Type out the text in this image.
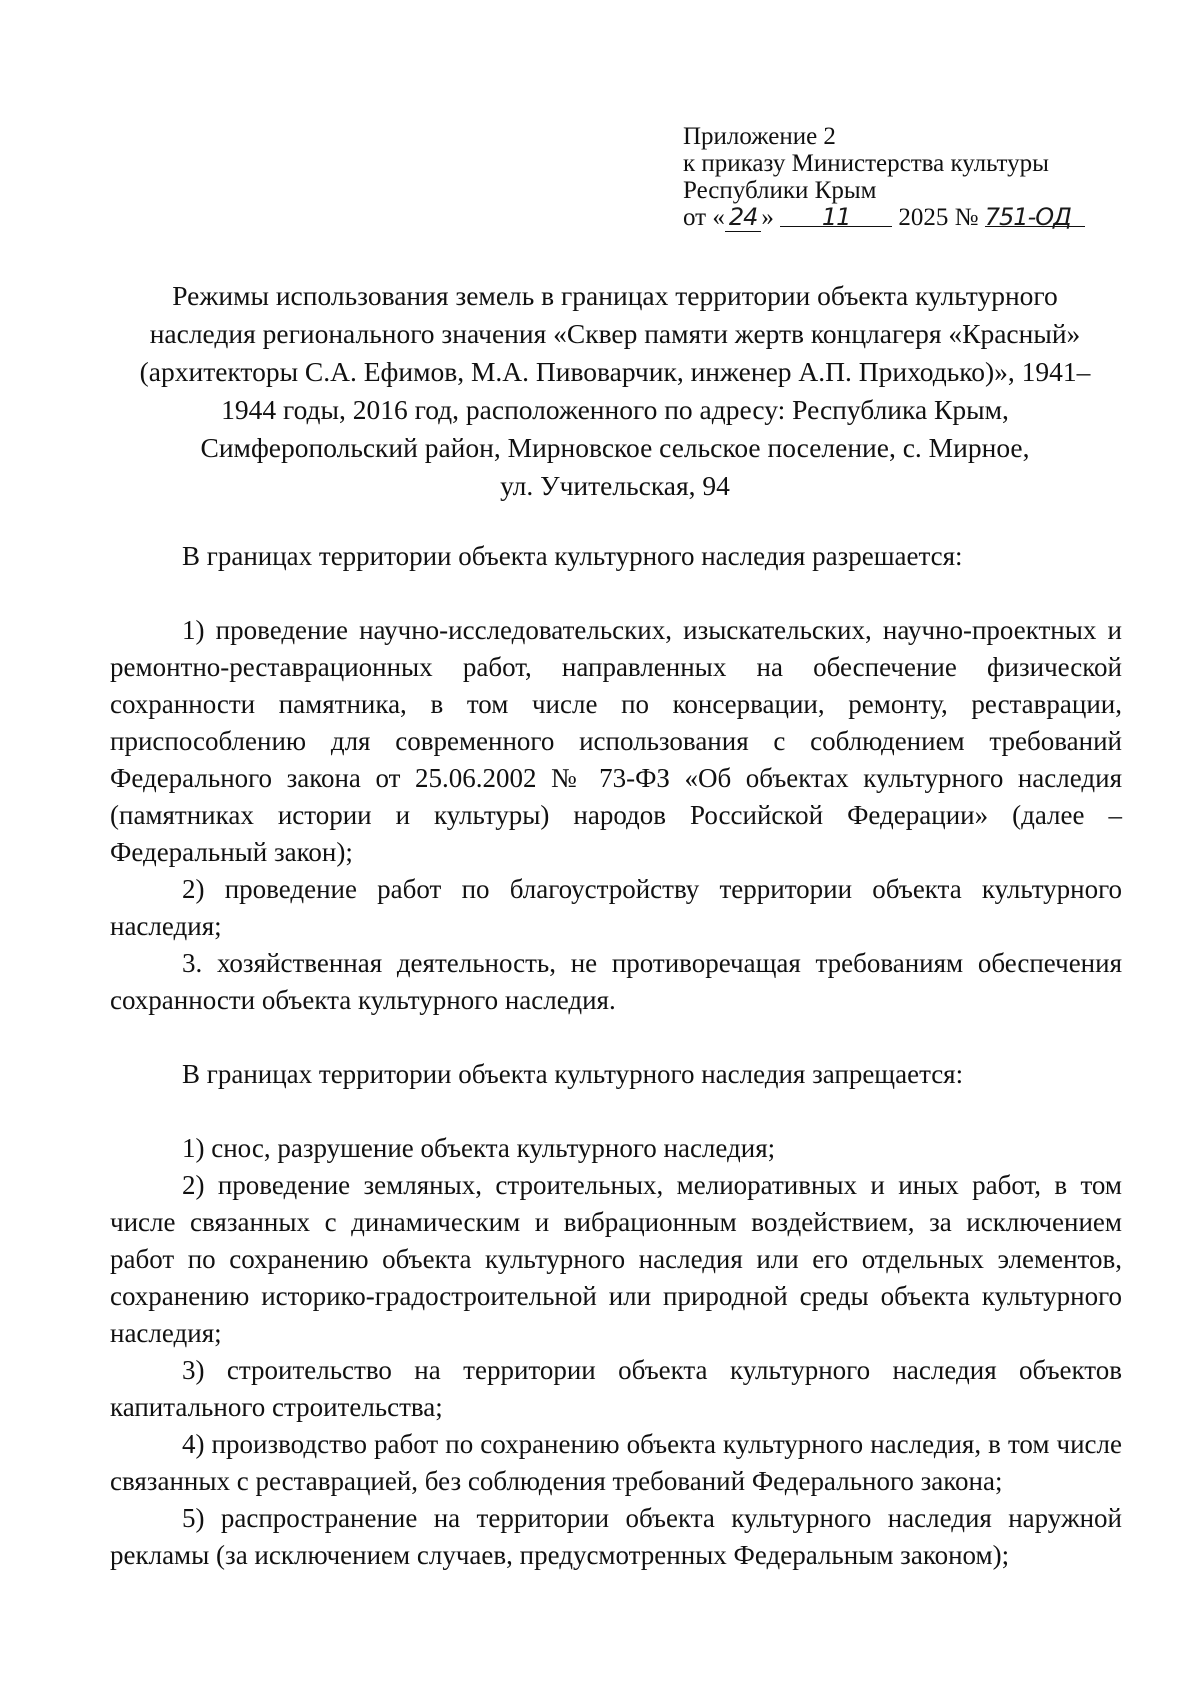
Приложение 2
к приказу Министерства культуры
Республики Крым
от « 24 » 11 2025 № 751-ОД
Режимы использования земель в границах территории объекта культурного
наследия регионального значения «Сквер памяти жертв концлагеря «Красный»
(архитекторы С.А. Ефимов, М.А. Пивоварчик, инженер А.П. Приходько)», 1941–
1944 годы, 2016 год, расположенного по адресу: Республика Крым,
Симферопольский район, Мирновское сельское поселение, с. Мирное,
ул. Учительская, 94

В границах территории объекта культурного наследия разрешается:

1) проведение научно-исследовательских, изыскательских, научно-проектных и ремонтно-реставрационных работ, направленных на обеспечение физической сохранности памятника, в том числе по консервации, ремонту, реставрации, приспособлению для современного использования с соблюдением требований Федерального закона от 25.06.2002 № 73-ФЗ «Об объектах культурного наследия (памятниках истории и культуры) народов Российской Федерации» (далее – Федеральный закон);

2) проведение работ по благоустройству территории объекта культурного наследия;

3. хозяйственная деятельность, не противоречащая требованиям обеспечения сохранности объекта культурного наследия.

В границах территории объекта культурного наследия запрещается:

1) снос, разрушение объекта культурного наследия;

2) проведение земляных, строительных, мелиоративных и иных работ, в том числе связанных с динамическим и вибрационным воздействием, за исключением работ по сохранению объекта культурного наследия или его отдельных элементов, сохранению историко-градостроительной или природной среды объекта культурного наследия;

3) строительство на территории объекта культурного наследия объектов капитального строительства;

4) производство работ по сохранению объекта культурного наследия, в том числе связанных с реставрацией, без соблюдения требований Федерального закона;

5) распространение на территории объекта культурного наследия наружной рекламы (за исключением случаев, предусмотренных Федеральным законом);
